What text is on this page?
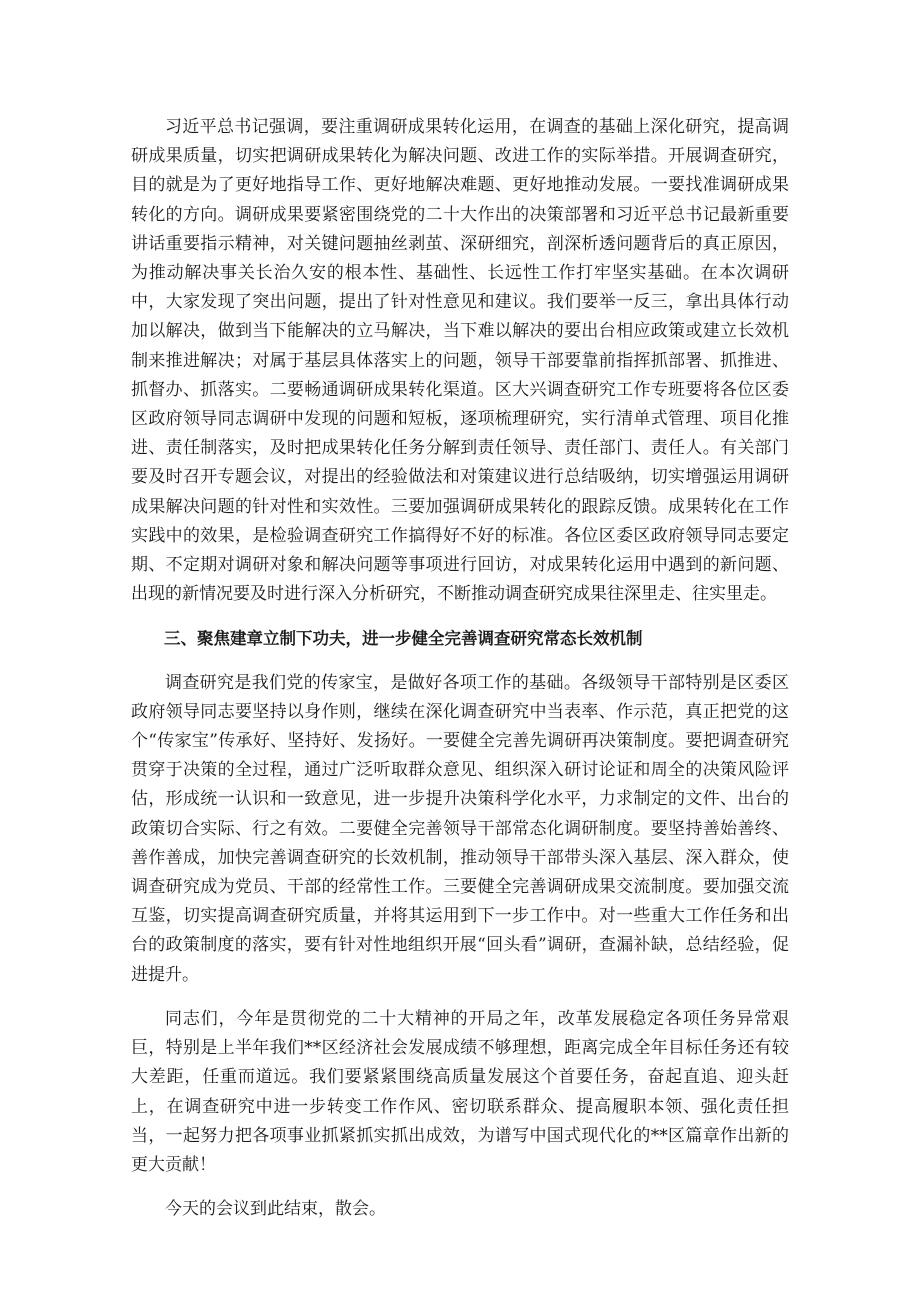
习近平总书记强调，要注重调研成果转化运用，在调查的基础上深化研究，提高调研成果质量，切实把调研成果转化为解决问题、改进工作的实际举措。开展调查研究，目的就是为了更好地指导工作、更好地解决难题、更好地推动发展。一要找准调研成果转化的方向。调研成果要紧密围绕党的二十大作出的决策部署和习近平总书记最新重要讲话重要指示精神，对关键问题抽丝剥茧、深研细究，剖深析透问题背后的真正原因，为推动解决事关长治久安的根本性、基础性、长远性工作打牢坚实基础。在本次调研中，大家发现了突出问题，提出了针对性意见和建议。我们要举一反三，拿出具体行动加以解决，做到当下能解决的立马解决，当下难以解决的要出台相应政策或建立长效机制来推进解决；对属于基层具体落实上的问题，领导干部要靠前指挥抓部署、抓推进、抓督办、抓落实。二要畅通调研成果转化渠道。区大兴调查研究工作专班要将各位区委区政府领导同志调研中发现的问题和短板，逐项梳理研究，实行清单式管理、项目化推进、责任制落实，及时把成果转化任务分解到责任领导、责任部门、责任人。有关部门要及时召开专题会议，对提出的经验做法和对策建议进行总结吸纳，切实增强运用调研成果解决问题的针对性和实效性。三要加强调研成果转化的跟踪反馈。成果转化在工作实践中的效果，是检验调查研究工作搞得好不好的标准。各位区委区政府领导同志要定期、不定期对调研对象和解决问题等事项进行回访，对成果转化运用中遇到的新问题、出现的新情况要及时进行深入分析研究，不断推动调查研究成果往深里走、往实里走。

三、聚焦建章立制下功夫，进一步健全完善调查研究常态长效机制

调查研究是我们党的传家宝，是做好各项工作的基础。各级领导干部特别是区委区政府领导同志要坚持以身作则，继续在深化调查研究中当表率、作示范，真正把党的这个“传家宝”传承好、坚持好、发扬好。一要健全完善先调研再决策制度。要把调查研究贯穿于决策的全过程，通过广泛听取群众意见、组织深入研讨论证和周全的决策风险评估，形成统一认识和一致意见，进一步提升决策科学化水平，力求制定的文件、出台的政策切合实际、行之有效。二要健全完善领导干部常态化调研制度。要坚持善始善终、善作善成，加快完善调查研究的长效机制，推动领导干部带头深入基层、深入群众，使调查研究成为党员、干部的经常性工作。三要健全完善调研成果交流制度。要加强交流互鉴，切实提高调查研究质量，并将其运用到下一步工作中。对一些重大工作任务和出台的政策制度的落实，要有针对性地组织开展“回头看”调研，查漏补缺，总结经验，促进提升。

同志们，今年是贯彻党的二十大精神的开局之年，改革发展稳定各项任务异常艰巨，特别是上半年我们**区经济社会发展成绩不够理想，距离完成全年目标任务还有较大差距，任重而道远。我们要紧紧围绕高质量发展这个首要任务，奋起直追、迎头赶上，在调查研究中进一步转变工作作风、密切联系群众、提高履职本领、强化责任担当，一起努力把各项事业抓紧抓实抓出成效，为谱写中国式现代化的**区篇章作出新的更大贡献！

今天的会议到此结束，散会。
